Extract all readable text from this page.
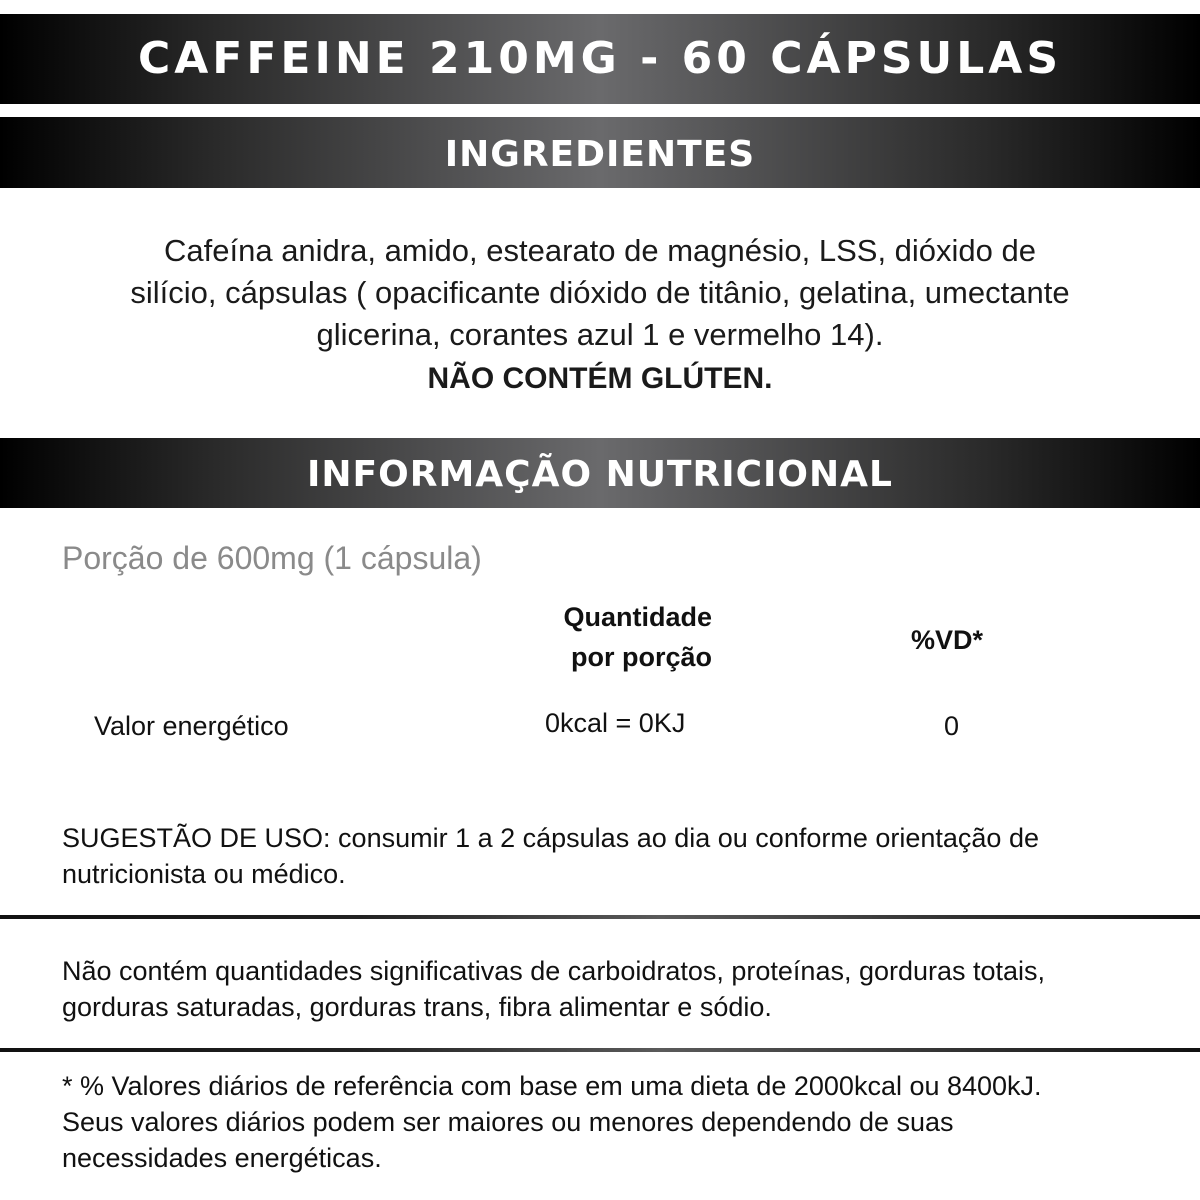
CAFFEINE 210MG - 60 CÁPSULAS
INGREDIENTES
Cafeína anidra, amido, estearato de magnésio, LSS, dióxido de
silício, cápsulas ( opacificante dióxido de titânio, gelatina, umectante
glicerina, corantes azul 1 e vermelho 14).
NÃO CONTÉM GLÚTEN.
INFORMAÇÃO NUTRICIONAL
Porção de 600mg (1 cápsula)
Quantidade
por porção
%VD*
Valor energético	0kcal = 0KJ	0
SUGESTÃO DE USO: consumir 1 a 2 cápsulas ao dia ou conforme orientação de
nutricionista ou médico.
Não contém quantidades significativas de carboidratos, proteínas, gorduras totais,
gorduras saturadas, gorduras trans, fibra alimentar e sódio.
* % Valores diários de referência com base em uma dieta de 2000kcal ou 8400kJ.
Seus valores diários podem ser maiores ou menores dependendo de suas
necessidades energéticas.
